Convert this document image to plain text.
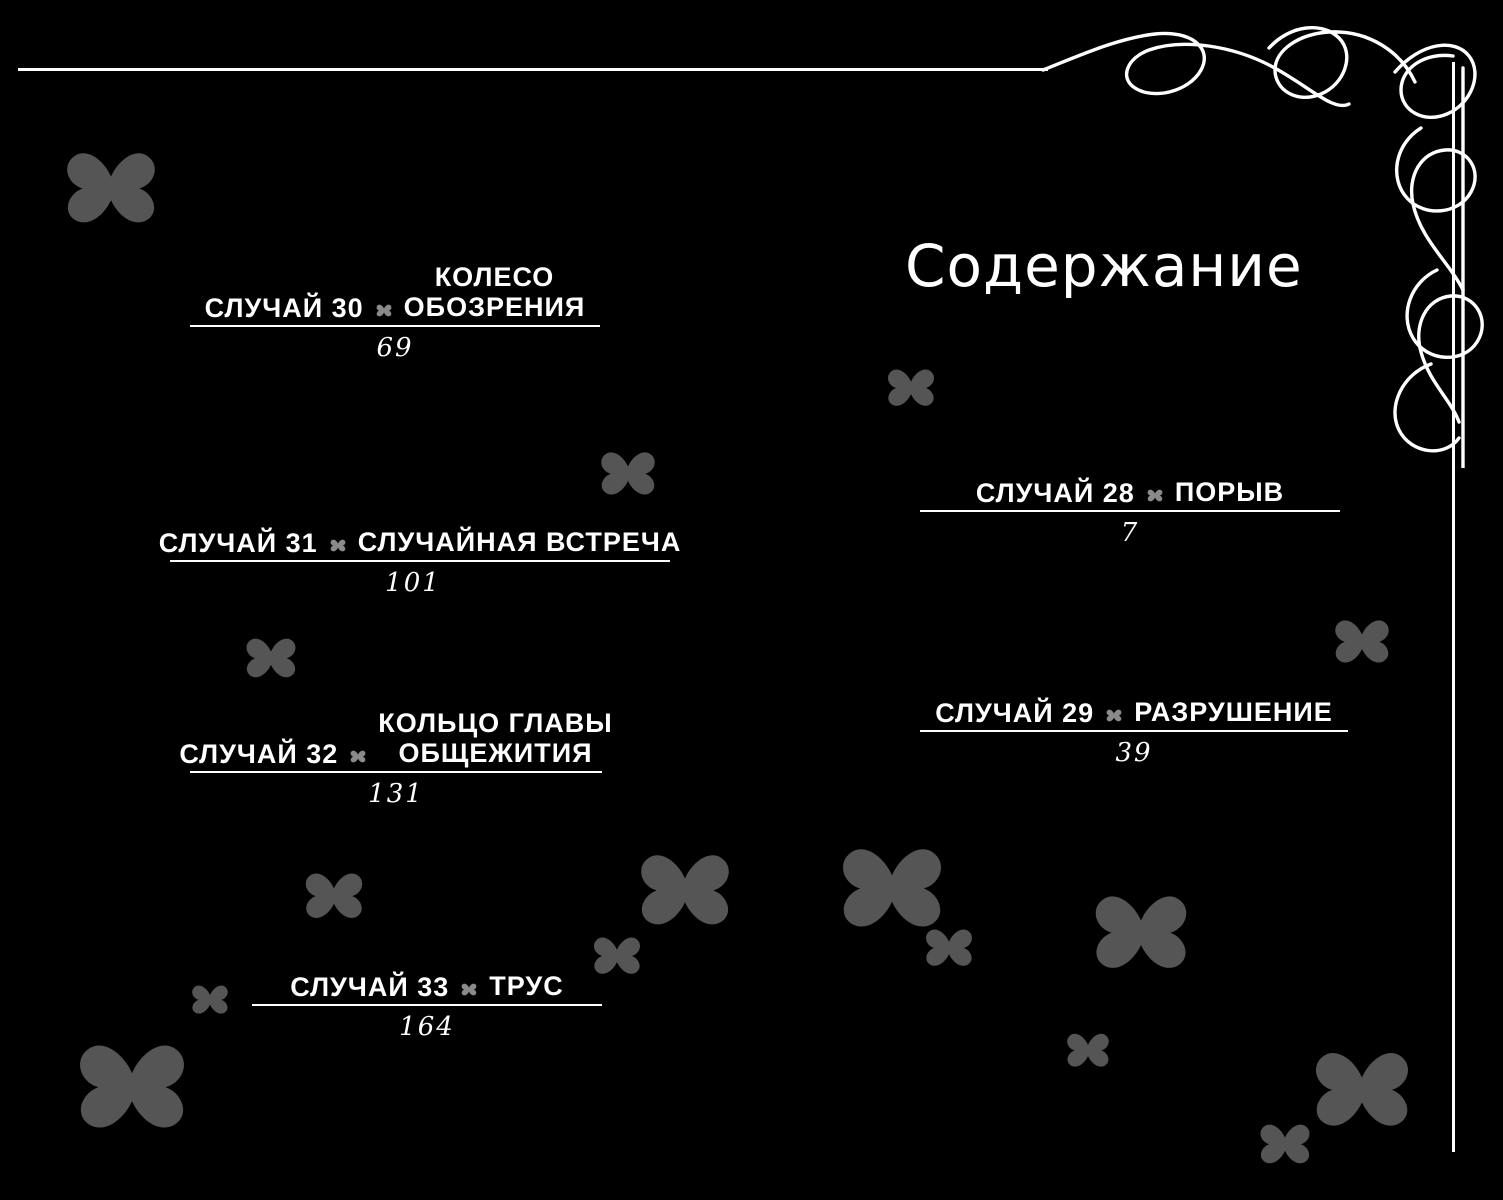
Содержание
СЛУЧАЙ 30
КОЛЕСО
ОБОЗРЕНИЯ
69
СЛУЧАЙ 31 СЛУЧАЙНАЯ ВСТРЕЧА
101
СЛУЧАЙ 32
КОЛЬЦО ГЛАВЫ
ОБЩЕЖИТИЯ
131
СЛУЧАЙ 33 ТРУС
164
СЛУЧАЙ 28 ПОРЫВ
7
СЛУЧАЙ 29 РАЗРУШЕНИЕ
39
